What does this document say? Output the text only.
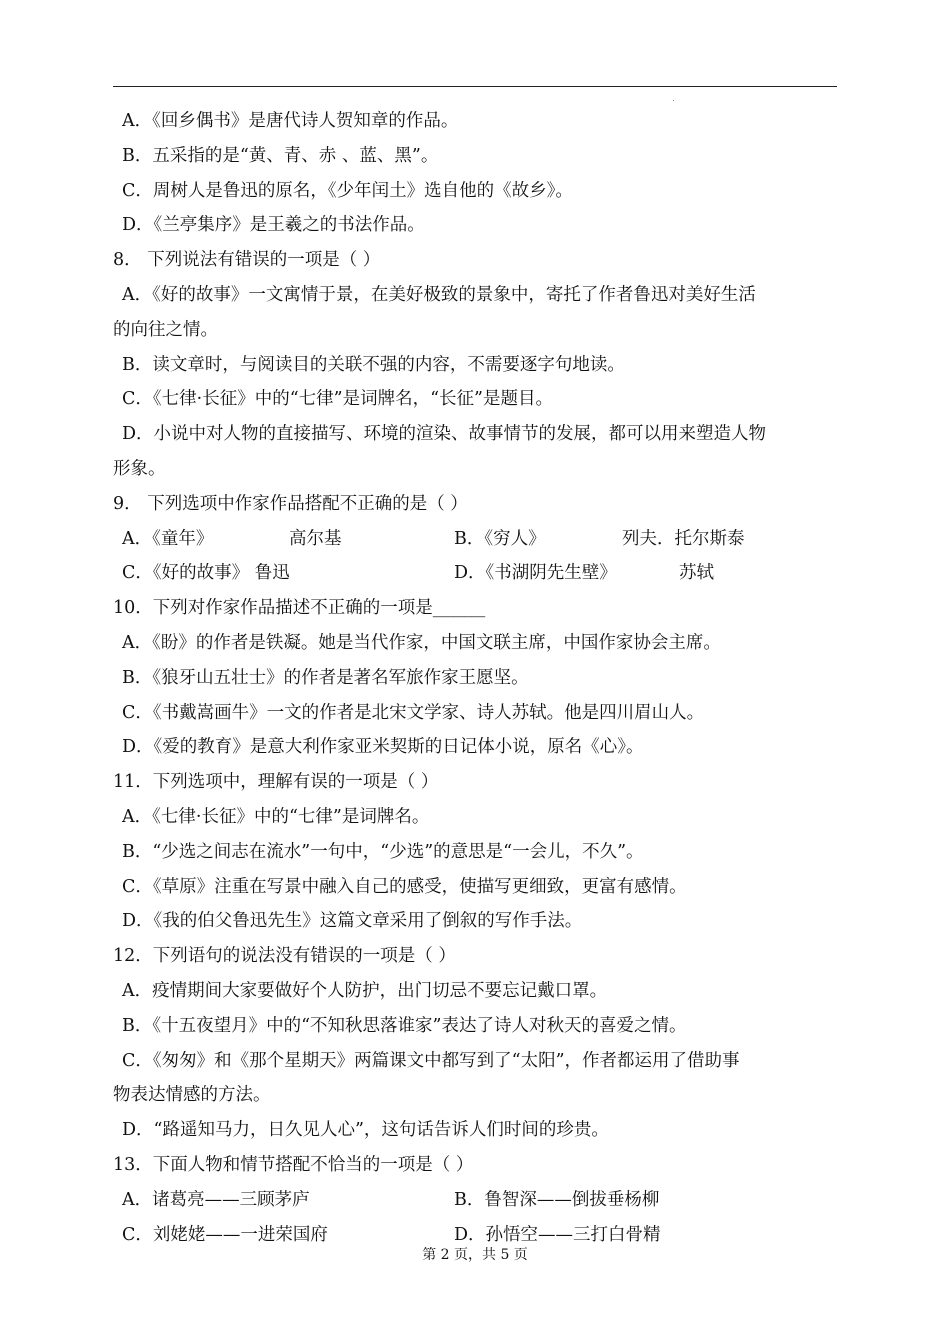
A．《回乡偶书》是唐代诗人贺知章的作品。
B．五采指的是“黄、青、赤 、蓝、黑”。
C．周树人是鲁迅的原名，《少年闰土》选自他的《故乡》。
D．《兰亭集序》是王羲之的书法作品。
8． 下列说法有错误的一项是（ ）
A．《好的故事》一文寓情于景，在美好极致的景象中，寄托了作者鲁迅对美好生活
的向往之情。
B．读文章时，与阅读目的关联不强的内容，不需要逐字句地读。
C．《七律·长征》中的“七律”是词牌名，“长征”是题目。
D．小说中对人物的直接描写、环境的渲染、故事情节的发展，都可以用来塑造人物
形象。
9． 下列选项中作家作品搭配不正确的是（ ）
A．《童年》	高尔基	B．《穷人》	列夫．托尔斯泰
C．《好的故事》 鲁迅	D．《书湖阴先生壁》	苏轼
10．下列对作家作品描述不正确的一项是______
A．《盼》的作者是铁凝。她是当代作家，中国文联主席，中国作家协会主席。
B．《狼牙山五壮士》的作者是著名军旅作家王愿坚。
C．《书戴嵩画牛》一文的作者是北宋文学家、诗人苏轼。他是四川眉山人。
D．《爱的教育》是意大利作家亚米契斯的日记体小说，原名《心》。
11．下列选项中，理解有误的一项是（ ）
A．《七律·长征》中的“七律”是词牌名。
B．“少选之间志在流水”一句中，“少选”的意思是“一会儿，不久”。
C．《草原》注重在写景中融入自己的感受，使描写更细致，更富有感情。
D．《我的伯父鲁迅先生》这篇文章采用了倒叙的写作手法。
12．下列语句的说法没有错误的一项是（ ）
A．疫情期间大家要做好个人防护，出门切忌不要忘记戴口罩。
B．《十五夜望月》中的“不知秋思落谁家”表达了诗人对秋天的喜爱之情。
C．《匆匆》和《那个星期天》两篇课文中都写到了“太阳”，作者都运用了借助事
物表达情感的方法。
D．“路遥知马力，日久见人心”，这句话告诉人们时间的珍贵。
13．下面人物和情节搭配不恰当的一项是（ ）
A．诸葛亮——三顾茅庐	B．鲁智深——倒拔垂杨柳
C．刘姥姥——一进荣国府	D．孙悟空——三打白骨精
第 2 页，共 5 页
